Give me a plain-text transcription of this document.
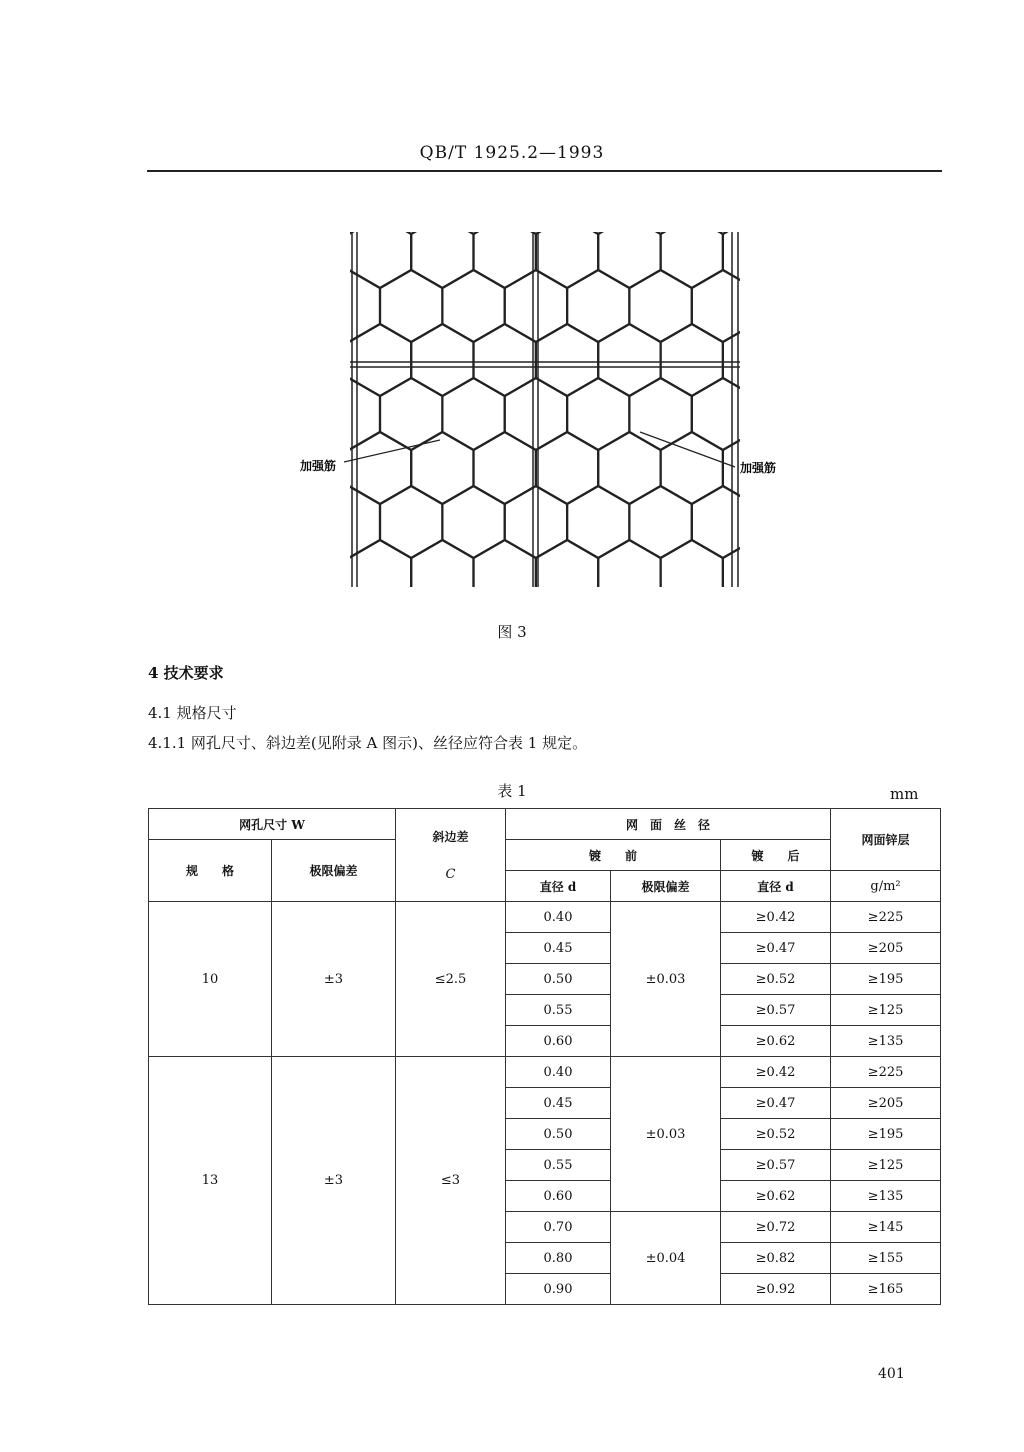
QB/T 1925.2—1993
加强筋	加强筋
图 3
4 技术要求
4.1 规格尺寸
4.1.1 网孔尺寸、斜边差(见附录 A 图示)、丝径应符合表 1 规定。
表 1	mm
网孔尺寸 W		斜边差
C	网　面　丝　径			网面锌层
规　　格	极限偏差		镀　　前		镀　　后	
			直径 d	极限偏差	直径 d	g/m²
10	±3	≤2.5	0.40	±0.03	≥0.42	≥225
			0.45		≥0.47	≥205
			0.50		≥0.52	≥195
			0.55		≥0.57	≥125
			0.60		≥0.62	≥135
13	±3	≤3	0.40	±0.03	≥0.42	≥225
			0.45		≥0.47	≥205
			0.50		≥0.52	≥195
			0.55		≥0.57	≥125
			0.60		≥0.62	≥135
			0.70	±0.04	≥0.72	≥145
			0.80		≥0.82	≥155
			0.90		≥0.92	≥165
401
